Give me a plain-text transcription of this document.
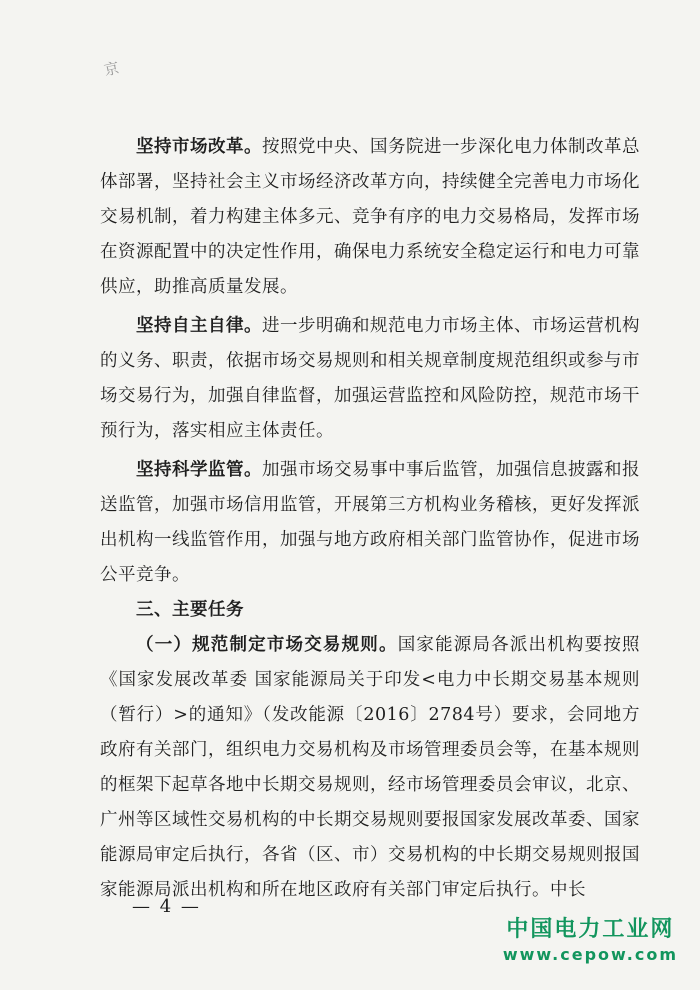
京

坚持市场改革。按照党中央、国务院进一步深化电力体制改革总体部署，坚持社会主义市场经济改革方向，持续健全完善电力市场化交易机制，着力构建主体多元、竞争有序的电力交易格局，发挥市场在资源配置中的决定性作用，确保电力系统安全稳定运行和电力可靠供应，助推高质量发展。

坚持自主自律。进一步明确和规范电力市场主体、市场运营机构的义务、职责，依据市场交易规则和相关规章制度规范组织或参与市场交易行为，加强自律监督，加强运营监控和风险防控，规范市场干预行为，落实相应主体责任。

坚持科学监管。加强市场交易事中事后监管，加强信息披露和报送监管，加强市场信用监管，开展第三方机构业务稽核，更好发挥派出机构一线监管作用，加强与地方政府相关部门监管协作，促进市场公平竞争。

三、主要任务

（一）规范制定市场交易规则。国家能源局各派出机构要按照《国家发展改革委 国家能源局关于印发<电力中长期交易基本规则（暂行）>的通知》（发改能源〔2016〕2784号）要求，会同地方政府有关部门，组织电力交易机构及市场管理委员会等，在基本规则的框架下起草各地中长期交易规则，经市场管理委员会审议，北京、广州等区域性交易机构的中长期交易规则要报国家发展改革委、国家能源局审定后执行，各省（区、市）交易机构的中长期交易规则报国家能源局派出机构和所在地区政府有关部门审定后执行。中长

— 4 —
中国电力工业网
www.cepow.com
